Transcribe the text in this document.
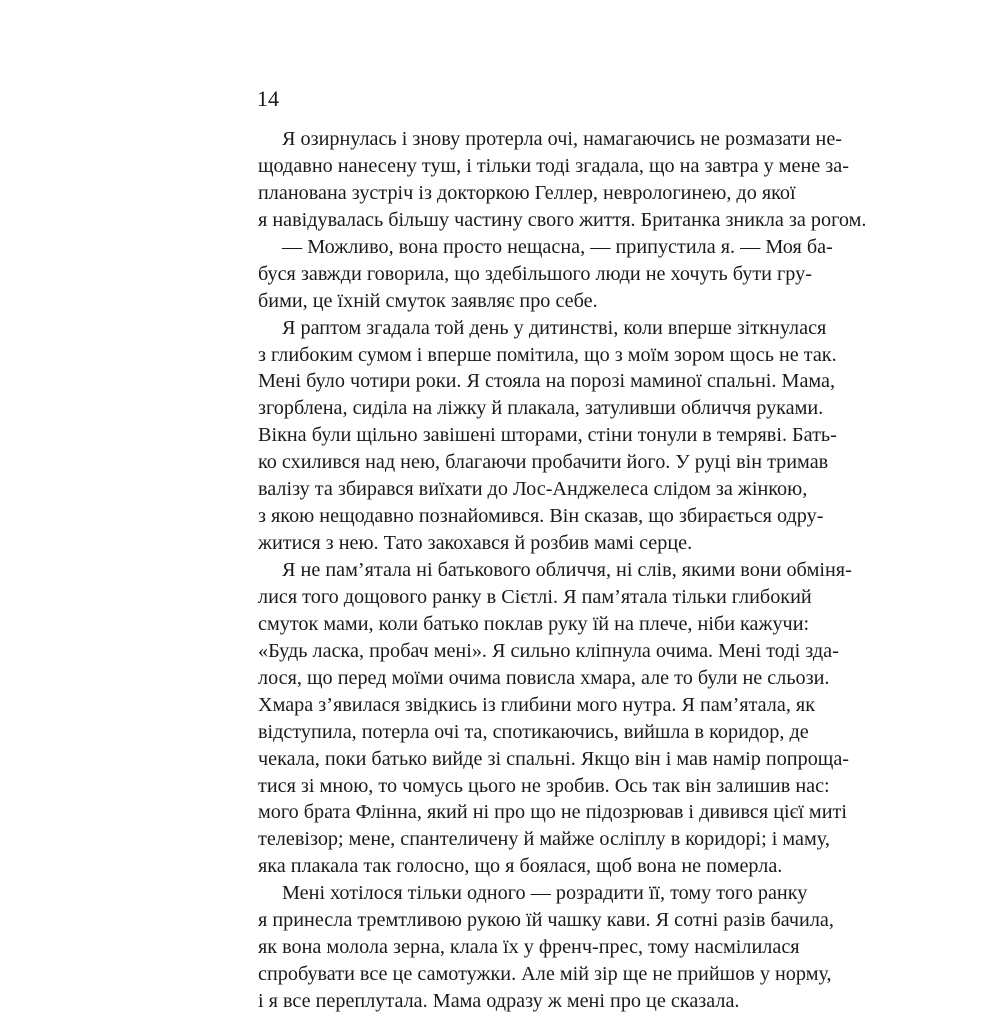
14
Я озирнулась і знову протерла очі, намагаючись не розмазати не-
щодавно нанесену туш, і тільки тоді згадала, що на завтра у мене за-
планована зустріч із докторкою Геллер, неврологинею, до якої
я навідувалась більшу частину свого життя. Британка зникла за рогом.
— Можливо, вона просто нещасна, — припустила я. — Моя ба-
буся завжди говорила, що здебільшого люди не хочуть бути гру-
бими, це їхній смуток заявляє про себе.
Я раптом згадала той день у дитинстві, коли вперше зіткнулася
з глибоким сумом і вперше помітила, що з моїм зором щось не так.
Мені було чотири роки. Я стояла на порозі маминої спальні. Мама,
згорблена, сиділа на ліжку й плакала, затуливши обличчя руками.
Вікна були щільно завішені шторами, стіни тонули в темряві. Бать-
ко схилився над нею, благаючи пробачити його. У руці він тримав
валізу та збирався виїхати до Лос-Анджелеса слідом за жінкою,
з якою нещодавно познайомився. Він сказав, що збирається одру-
житися з нею. Тато закохався й розбив мамі серце.
Я не пам’ятала ні батькового обличчя, ні слів, якими вони обміня-
лися того дощового ранку в Сієтлі. Я пам’ятала тільки глибокий
смуток мами, коли батько поклав руку їй на плече, ніби кажучи:
«Будь ласка, пробач мені». Я сильно кліпнула очима. Мені тоді зда-
лося, що перед моїми очима повисла хмара, але то були не сльози.
Хмара з’явилася звідкись із глибини мого нутра. Я пам’ятала, як
відступила, потерла очі та, спотикаючись, вийшла в коридор, де
чекала, поки батько вийде зі спальні. Якщо він і мав намір попроща-
тися зі мною, то чомусь цього не зробив. Ось так він залишив нас:
мого брата Флінна, який ні про що не підозрював і дивився цієї миті
телевізор; мене, спантеличену й майже осліплу в коридорі; і маму,
яка плакала так голосно, що я боялася, щоб вона не померла.
Мені хотілося тільки одного — розрадити її, тому того ранку
я принесла тремтливою рукою їй чашку кави. Я сотні разів бачила,
як вона молола зерна, клала їх у френч-прес, тому насмілилася
спробувати все це самотужки. Але мій зір ще не прийшов у норму,
і я все переплутала. Мама одразу ж мені про це сказала.
